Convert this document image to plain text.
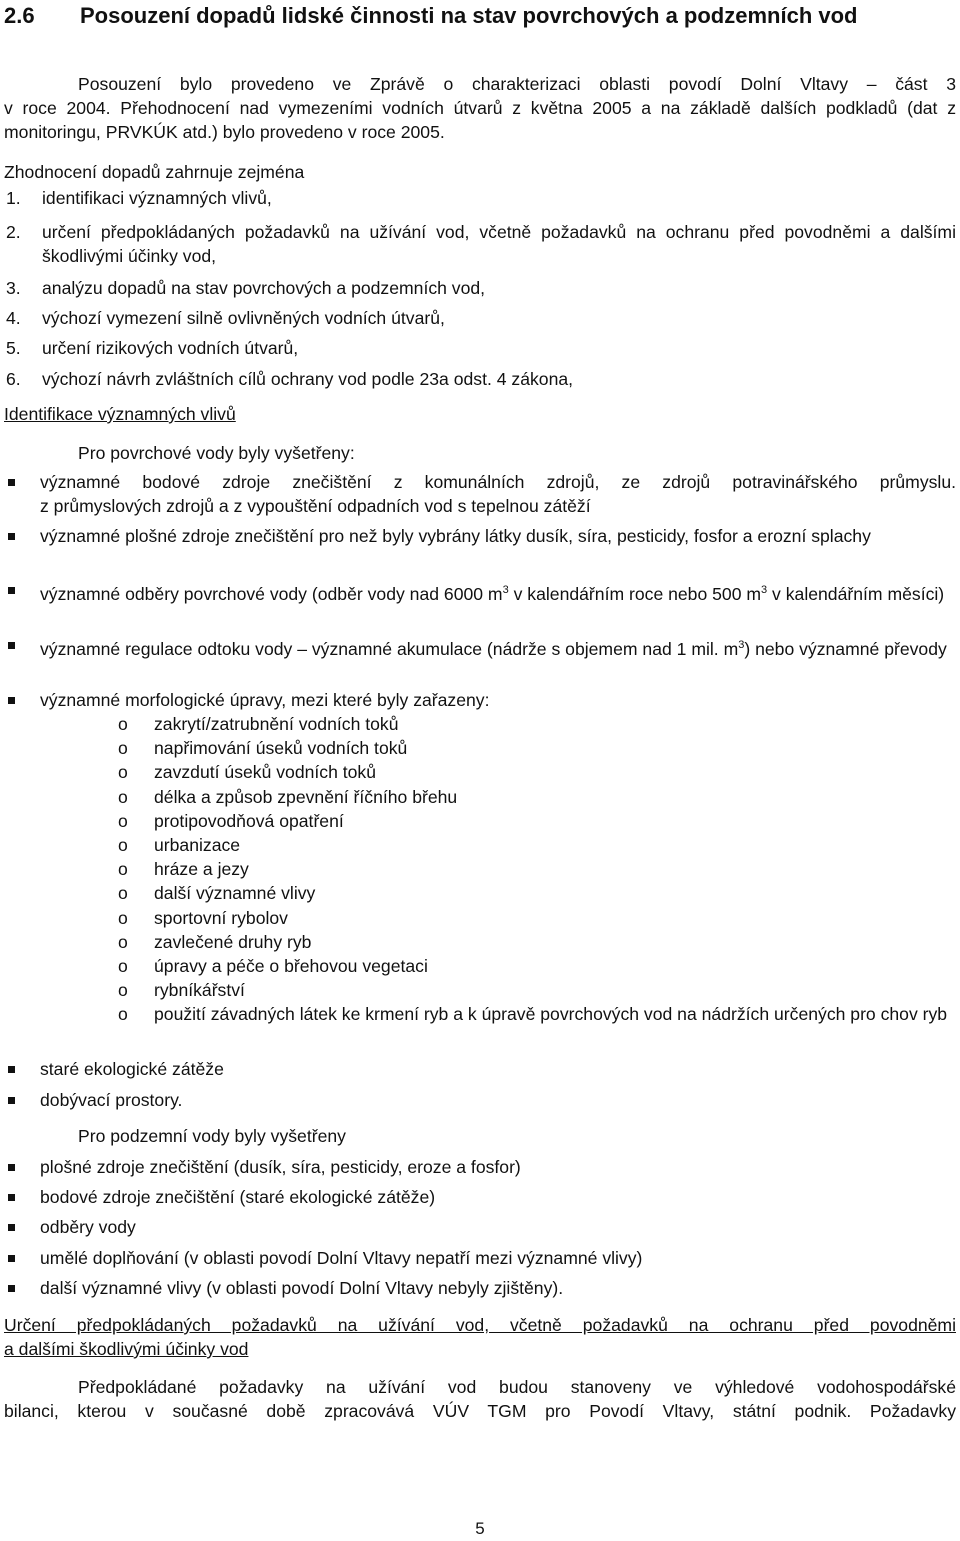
2.6	Posouzení dopadů lidské činnosti na stav povrchových a podzemních vod
Posouzení bylo provedeno ve Zprávě o charakterizaci oblasti povodí Dolní Vltavy – část 3
v roce 2004. Přehodnocení nad vymezeními vodních útvarů z května 2005 a na základě dalších podkladů (dat z monitoringu, PRVKÚK atd.) bylo provedeno v roce 2005.
Zhodnocení dopadů zahrnuje zejména
1.	identifikaci významných vlivů,
2.	určení předpokládaných požadavků na užívání vod, včetně požadavků na ochranu před povodněmi a dalšími škodlivými účinky vod,
3.	analýzu dopadů na stav povrchových a podzemních vod,
4.	výchozí vymezení silně ovlivněných vodních útvarů,
5.	určení rizikových vodních útvarů,
6.	výchozí návrh zvláštních cílů ochrany vod podle 23a odst. 4 zákona,
Identifikace významných vlivů
Pro povrchové vody byly vyšetřeny:
významné bodové zdroje znečištění z komunálních zdrojů, ze zdrojů potravinářského průmyslu.
z průmyslových zdrojů a z vypouštění odpadních vod s tepelnou zátěží
významné plošné zdroje znečištění pro než byly vybrány látky dusík, síra, pesticidy, fosfor a erozní splachy
významné odběry povrchové vody (odběr vody nad 6000 $m^3$ v kalendářním roce nebo 500 $m^3$ v kalendářním měsíci)
významné regulace odtoku vody – významné akumulace (nádrže s objemem nad 1 mil. $m^3$) nebo významné převody
významné morfologické úpravy, mezi které byly zařazeny:
o	zakrytí/zatrubnění vodních toků
o	napřimování úseků vodních toků
o	zavzdutí úseků vodních toků
o	délka a způsob zpevnění říčního břehu
o	protipovodňová opatření
o	urbanizace
o	hráze a jezy
o	další významné vlivy
o	sportovní rybolov
o	zavlečené druhy ryb
o	úpravy a péče o břehovou vegetaci
o	rybníkářství
o	použití závadných látek ke krmení ryb a k úpravě povrchových vod na nádržích určených pro chov ryb
staré ekologické zátěže
dobývací prostory.
Pro podzemní vody byly vyšetřeny
plošné zdroje znečištění (dusík, síra, pesticidy, eroze a fosfor)
bodové zdroje znečištění (staré ekologické zátěže)
odběry vody
umělé doplňování (v oblasti povodí Dolní Vltavy nepatří mezi významné vlivy)
další významné vlivy (v oblasti povodí Dolní Vltavy nebyly zjištěny).
Určení předpokládaných požadavků na užívání vod, včetně požadavků na ochranu před povodněmi
a dalšími škodlivými účinky vod
Předpokládané požadavky na užívání vod budou stanoveny ve výhledové vodohospodářské
bilanci, kterou v současné době zpracovává VÚV TGM pro Povodí Vltavy, státní podnik. Požadavky
5
